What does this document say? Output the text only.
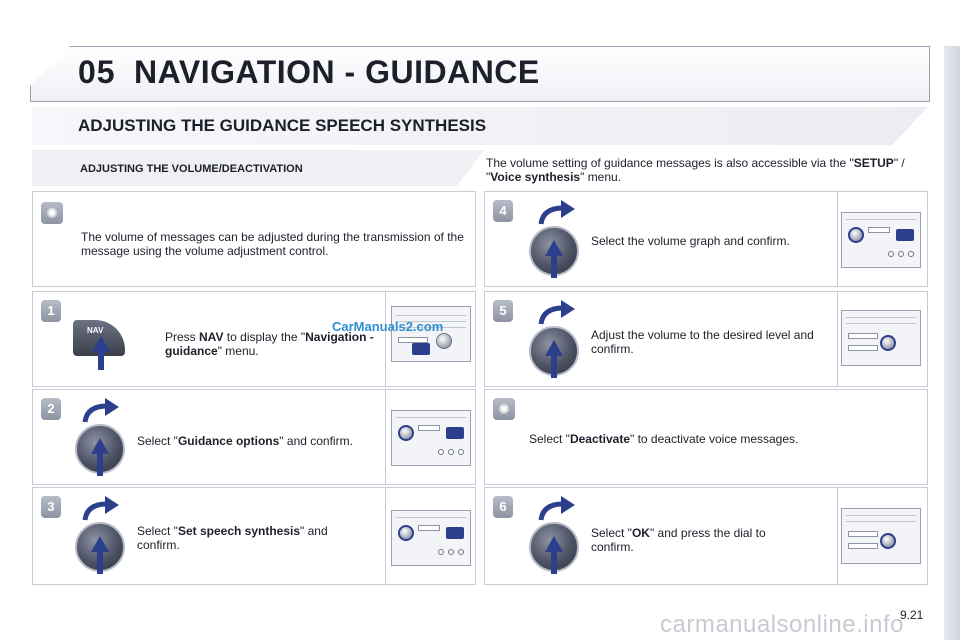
05 NAVIGATION - GUIDANCE
ADJUSTING THE GUIDANCE SPEECH SYNTHESIS
ADJUSTING THE VOLUME/DEACTIVATION	The volume setting of guidance messages is also accessible via the "SETUP" / "Voice synthesis" menu.
✺
The volume of messages can be adjusted during the transmission of the message using the volume adjustment control.
1
NAV	Press NAV to display the "Navigation - guidance" menu.
2
Select "Guidance options" and confirm.
3
Select "Set speech synthesis" and confirm.
4
Select the volume graph and confirm.
5
Adjust the volume to the desired level and confirm.
✺
Select "Deactivate" to deactivate voice messages.
6
Select "OK" and press the dial to confirm.
CarManuals2.com
carmanualsonline.info
9.21
